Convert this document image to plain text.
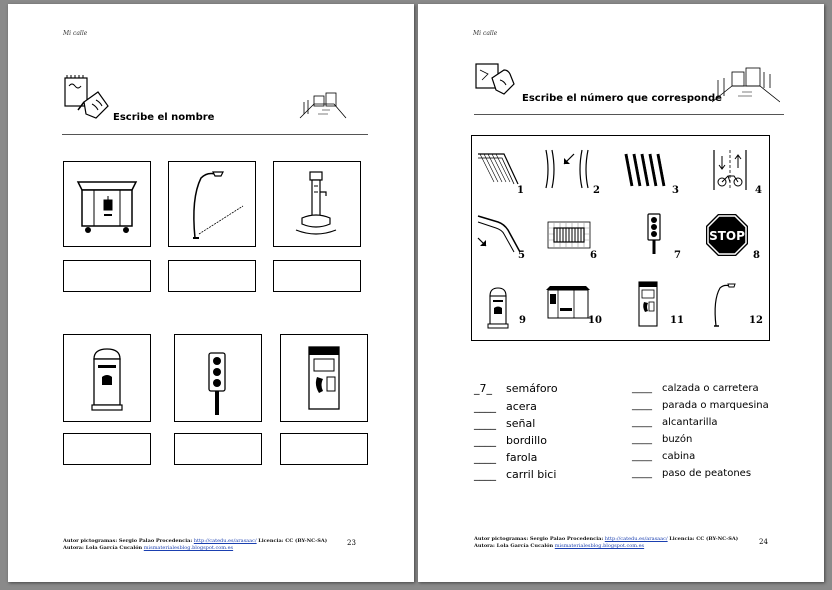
Mi calle
Escribe el nombre
Autor pictogramas: Sergio Palao Procedencia: http://catedu.es/arasaac/ Licencia: CC (BY-NC-SA)
Autora: Lola García Cucalón mismaterialesblog.blogspot.com.es
23
Mi calle
Escribe el número que corresponde
STOP
1	2	3	4
5	6	7	8
9	10	11	12
_7_ semáforo
____ acera
____ señal
____ bordillo
____ farola
____ carril bici
____ calzada o carretera
____ parada o marquesina
____ alcantarilla
____ buzón
____ cabina
____ paso de peatones
Autor pictogramas: Sergio Palao Procedencia: http://catedu.es/arasaac/ Licencia: CC (BY-NC-SA)
Autora: Lola García Cucalón mismaterialesblog.blogspot.com.es	24
